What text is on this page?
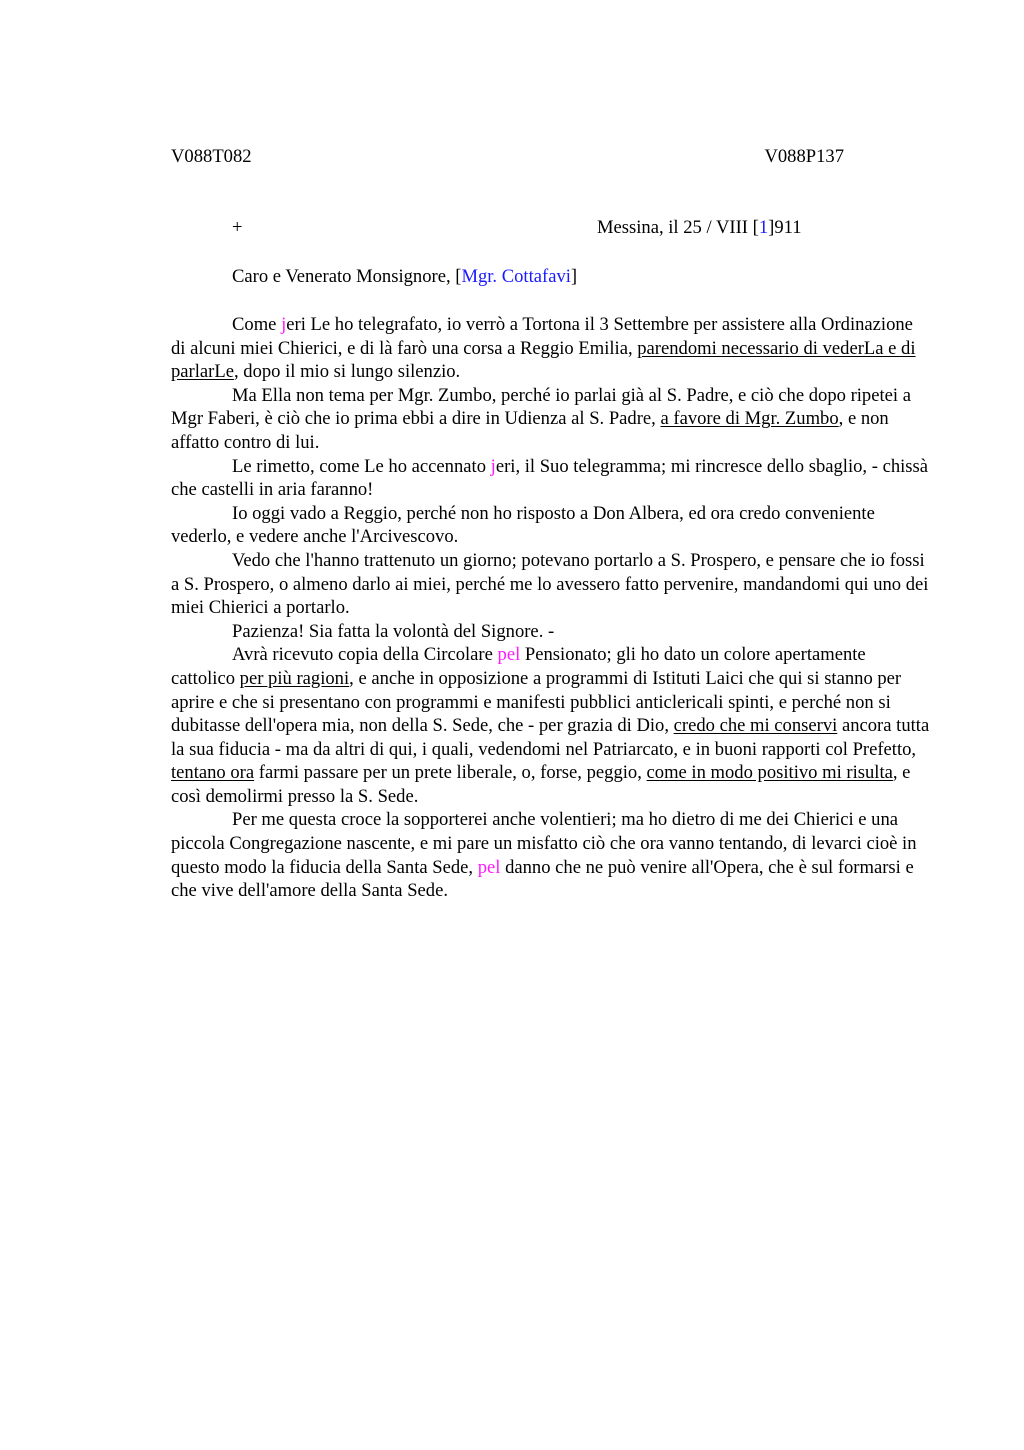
V088T082	V088P137
+	Messina, il 25 / VIII [1]911
Caro e Venerato Monsignore, [Mgr. Cottafavi]

Come jeri Le ho telegrafato, io verrò a Tortona il 3 Settembre per assistere alla Ordinazione di alcuni miei Chierici, e di là farò una corsa a Reggio Emilia, parendomi necessario di vederLa e di parlarLe, dopo il mio si lungo silenzio.

Ma Ella non tema per Mgr. Zumbo, perché io parlai già al S. Padre, e ciò che dopo ripetei a Mgr Faberi, è ciò che io prima ebbi a dire in Udienza al S. Padre, a favore di Mgr. Zumbo, e non affatto contro di lui.

Le rimetto, come Le ho accennato jeri, il Suo telegramma; mi rincresce dello sbaglio, - chissà che castelli in aria faranno!

Io oggi vado a Reggio, perché non ho risposto a Don Albera, ed ora credo conveniente vederlo, e vedere anche l'Arcivescovo.

Vedo che l'hanno trattenuto un giorno; potevano portarlo a S. Prospero, e pensare che io fossi a S. Prospero, o almeno darlo ai miei, perché me lo avessero fatto pervenire, mandandomi qui uno dei miei Chierici a portarlo.

Pazienza! Sia fatta la volontà del Signore. -

Avrà ricevuto copia della Circolare pel Pensionato; gli ho dato un colore apertamente cattolico per più ragioni, e anche in opposizione a programmi di Istituti Laici che qui si stanno per aprire e che si presentano con programmi e manifesti pubblici anticlericali spinti, e perché non si dubitasse dell'opera mia, non della S. Sede, che - per grazia di Dio, credo che mi conservi ancora tutta la sua fiducia - ma da altri di qui, i quali, vedendomi nel Patriarcato, e in buoni rapporti col Prefetto, tentano ora farmi passare per un prete liberale, o, forse, peggio, come in modo positivo mi risulta, e così demolirmi presso la S. Sede.

Per me questa croce la sopporterei anche volentieri; ma ho dietro di me dei Chierici e una piccola Congregazione nascente, e mi pare un misfatto ciò che ora vanno tentando, di levarci cioè in questo modo la fiducia della Santa Sede, pel danno che ne può venire all'Opera, che è sul formarsi e che vive dell'amore della Santa Sede.
